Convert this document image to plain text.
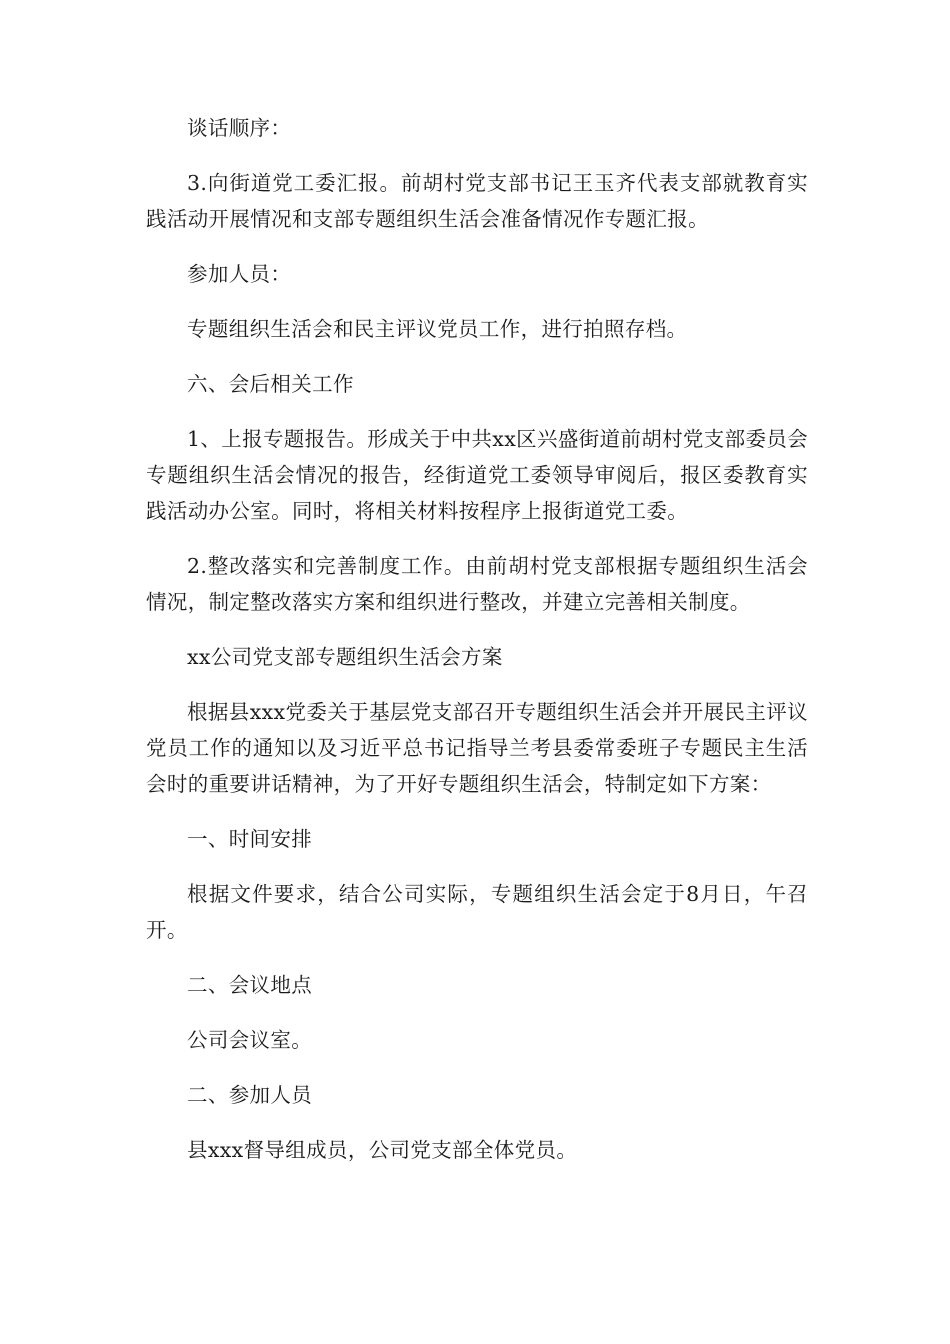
谈话顺序：

3.向街道党工委汇报。前胡村党支部书记王玉齐代表支部就教育实践活动开展情况和支部专题组织生活会准备情况作专题汇报。

参加人员：

专题组织生活会和民主评议党员工作，进行拍照存档。

六、会后相关工作

1、上报专题报告。形成关于中共xx区兴盛街道前胡村党支部委员会专题组织生活会情况的报告，经街道党工委领导审阅后，报区委教育实践活动办公室。同时，将相关材料按程序上报街道党工委。

2.整改落实和完善制度工作。由前胡村党支部根据专题组织生活会情况，制定整改落实方案和组织进行整改，并建立完善相关制度。

xx公司党支部专题组织生活会方案

根据县xxx党委关于基层党支部召开专题组织生活会并开展民主评议党员工作的通知以及习近平总书记指导兰考县委常委班子专题民主生活会时的重要讲话精神，为了开好专题组织生活会，特制定如下方案：

一、时间安排

根据文件要求，结合公司实际，专题组织生活会定于8月日，午召开。

二、会议地点

公司会议室。

二、参加人员

县xxx督导组成员，公司党支部全体党员。
